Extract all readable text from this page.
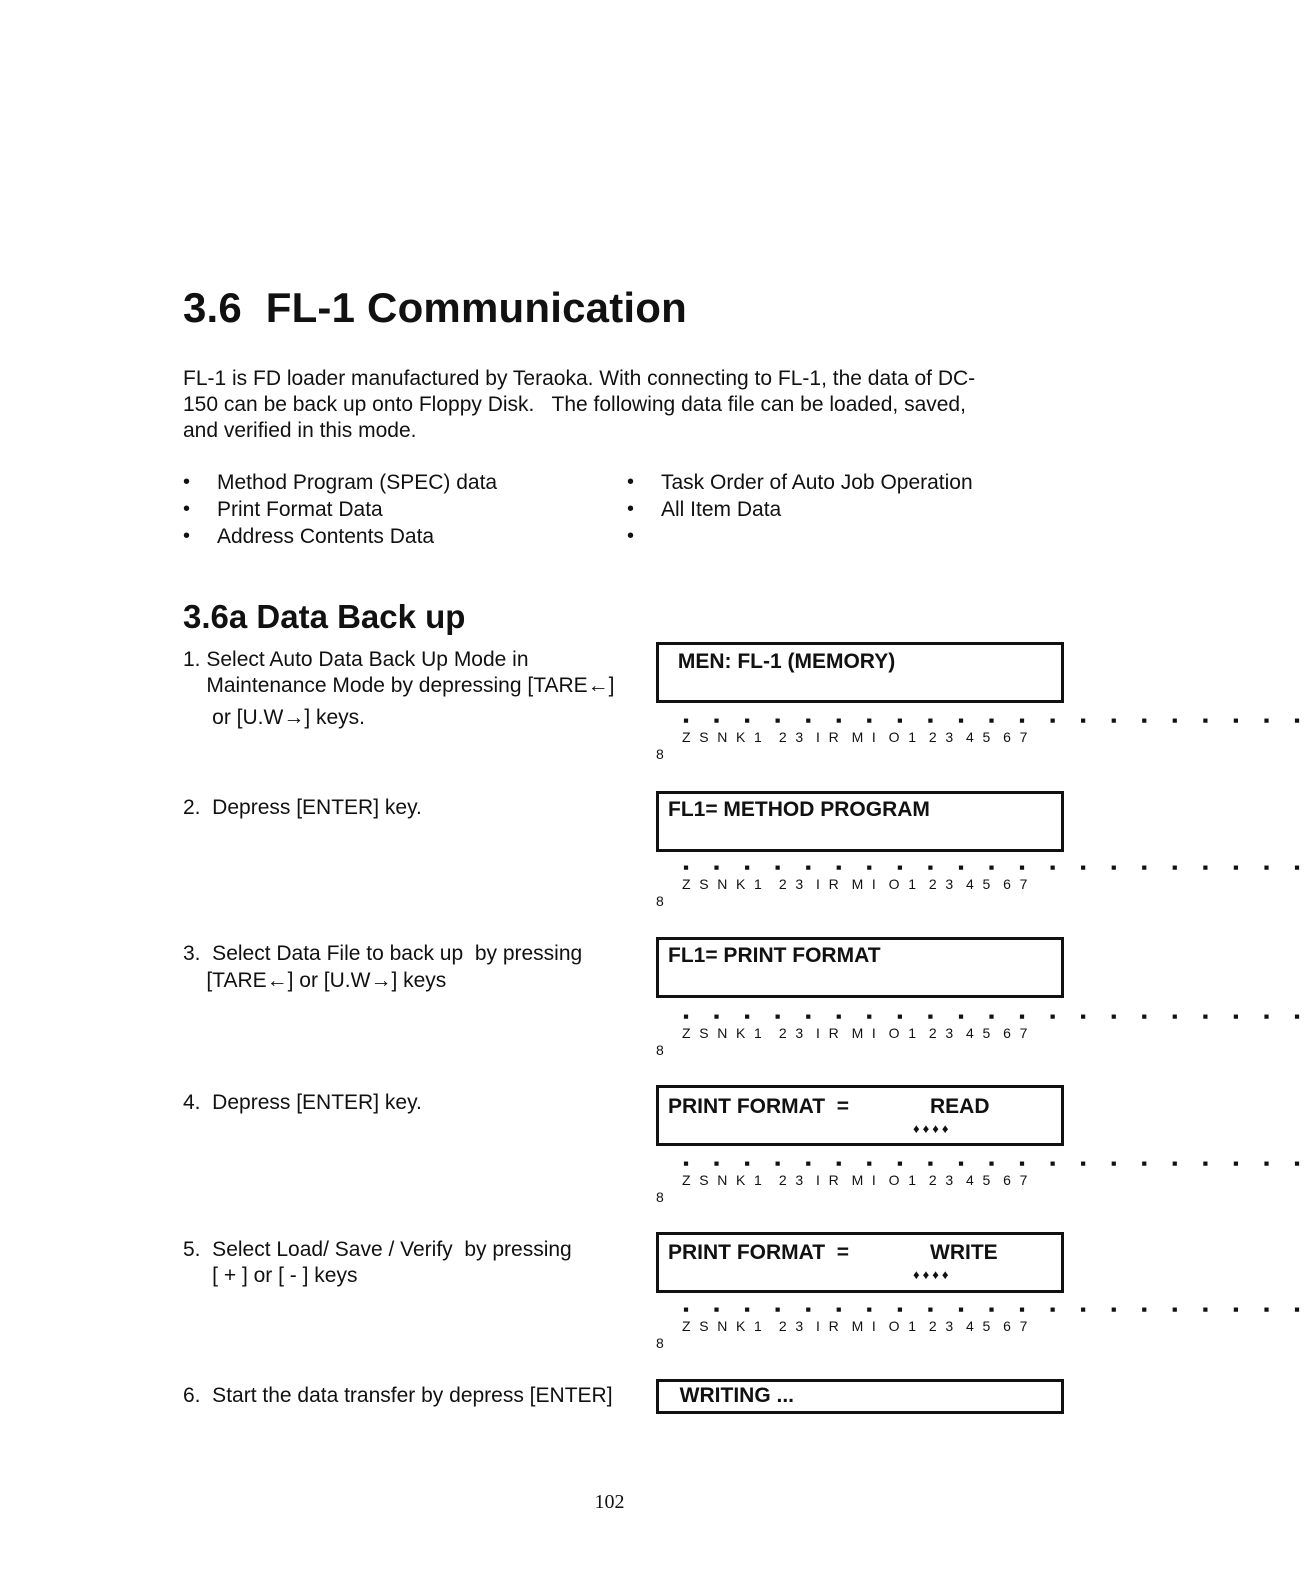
3.6  FL-1 Communication
FL-1 is FD loader manufactured by Teraoka. With connecting to FL-1, the data of DC-
150 can be back up onto Floppy Disk.   The following data file can be loaded, saved,
and verified in this mode.
• Method Program (SPEC) data
• Print Format Data
• Address Contents Data
• Task Order of Auto Job Operation
• All Item Data
•
3.6a Data Back up
1. Select Auto Data Back Up Mode in
Maintenance Mode by depressing [TARE←]
or [U.W→] keys.
MEN: FL-1 (MEMORY)
▪ ▪ ▪ ▪ ▪ ▪ ▪ ▪ ▪ ▪ ▪ ▪ ▪ ▪ ▪ ▪ ▪ ▪ ▪ ▪ ▪
Z  S  N  K  1    2  3   I  R   M  I   O  1   2  3   4  5   6  7
8
2.  Depress [ENTER] key.	FL1= METHOD PROGRAM
▪ ▪ ▪ ▪ ▪ ▪ ▪ ▪ ▪ ▪ ▪ ▪ ▪ ▪ ▪ ▪ ▪ ▪ ▪ ▪ ▪
Z  S  N  K  1    2  3   I  R   M  I   O  1   2  3   4  5   6  7
8
3.  Select Data File to back up  by pressing
[TARE←] or [U.W→] keys
FL1= PRINT FORMAT
▪ ▪ ▪ ▪ ▪ ▪ ▪ ▪ ▪ ▪ ▪ ▪ ▪ ▪ ▪ ▪ ▪ ▪ ▪ ▪ ▪
Z  S  N  K  1    2  3   I  R   M  I   O  1   2  3   4  5   6  7
8
4.  Depress [ENTER] key.	PRINT FORMAT  =	READ
♦♦♦♦
▪ ▪ ▪ ▪ ▪ ▪ ▪ ▪ ▪ ▪ ▪ ▪ ▪ ▪ ▪ ▪ ▪ ▪ ▪ ▪ ▪
Z  S  N  K  1    2  3   I  R   M  I   O  1   2  3   4  5   6  7
8
5.  Select Load/ Save / Verify  by pressing
[ + ] or [ - ] keys
PRINT FORMAT  =	WRITE
♦♦♦♦
▪ ▪ ▪ ▪ ▪ ▪ ▪ ▪ ▪ ▪ ▪ ▪ ▪ ▪ ▪ ▪ ▪ ▪ ▪ ▪ ▪
Z  S  N  K  1    2  3   I  R   M  I   O  1   2  3   4  5   6  7
8
6.  Start the data transfer by depress [ENTER]	WRITING ...
102
